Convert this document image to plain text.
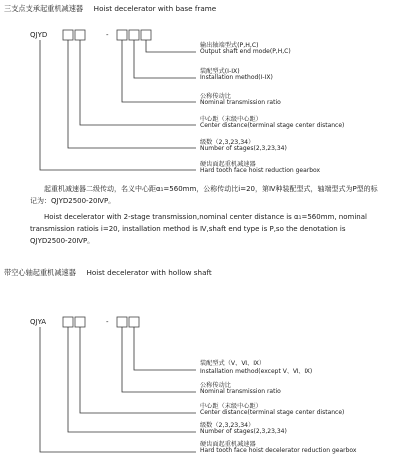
三支点支承起重机减速器 Hoist decelerator with base frame
QJYD	-
输出轴端型式(P,H,C)
Output shaft end mode(P,H,C)
装配型式(I-IX)
Installation method(I-IX)
公称传动比
Nominal transmission ratio
中心距（末级中心距）
Center distance(terminal stage center distance)
级数（2,3,23,34）
Number of stages(2,3,23,34)
硬齿面起重机减速器
Hard tooth face hoist reduction gearbox
起重机减速器二级传动，名义中心距α₁=560mm，公称传动比i=20，第Ⅳ种装配型式，轴端型式为P型的标记为：QJYD2500-20ⅣP。
Hoist decelerator with 2-stage transmission,nominal center distance is α₁=560mm, nominal transmission ratiois i=20, installation method is Ⅳ,shaft end type is P,so the denotation is QJYD2500-20ⅣP。
带空心轴起重机减速器 Hoist decelerator with hollow shaft
QJYA	-
装配型式（Ⅴ、Ⅵ、Ⅸ）
Installation method(except Ⅴ、Ⅵ、Ⅸ)
公称传动比
Nominal transmission ratio
中心距（末级中心距）
Center distance(terminal stage center distance)
级数（2,3,23,34）
Number of stages(2,3,23,34)
硬齿面起重机减速器
Hard tooth face hoist decelerator reduction gearbox
